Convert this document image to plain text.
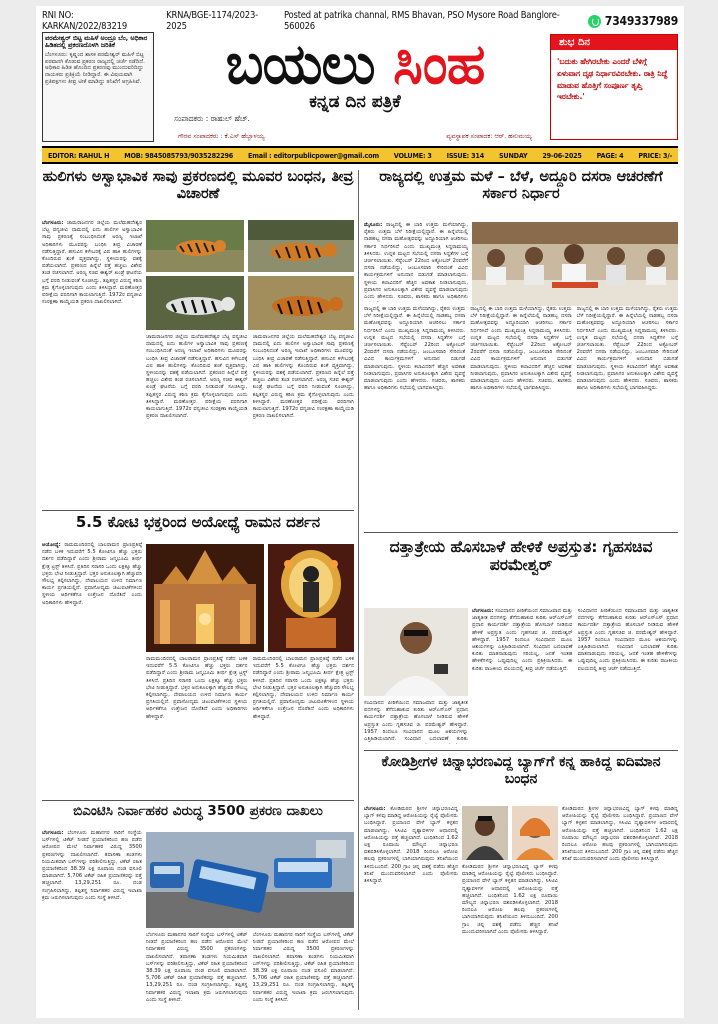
RNI NO: KARKAN/2022/83219
KRNA/BGE-1174/2023-2025
Posted at patrika channal, RMS Bhavan, PSO Mysore Road Banglore-560026	7349337989
ಪರಮೇಶ್ವರ್ ಬಿಟ್ಟ ಮಹಿಳೆ ಅಂದ್ರೂ ಬೆಂ, ಅಧಿಕಾರ ಹಿಡಿತದಲ್ಲಿ ಪ್ರಕರಣದೊಳಗಿ ಜರಿತಿಕೆ
ಬೆಂಗಳೂರು: ಕೃಷ್ಣಂದ ಶಾಸಕ ಪರಮೇಶ್ವರ್ ಮಹಿಳೆ ಬಿಟ್ಟ ಪರವಾನಗಿ ಕೊಡುವ ಪ್ರಕರಣ ರಾಜ್ಯದಲ್ಲಿ ಚರ್ಚೆ ನಡೆದಿದೆ. ಅಧಿಕಾರ ಹಿಡಿತ ಹೊಂದಿದ ಪ್ರಕರಣವು ಮುಂದುವರಿದಿದ್ದು ನಾಯಕರು ಪ್ರತಿಕ್ರಿಯೆ ನೀಡಿದ್ದಾರೆ. ಈ ವಿಷಯವಾಗಿ ಪ್ರತಿಪಕ್ಷಗಳು ತೀವ್ರ ಟೀಕೆ ಮಾಡಿದ್ದು ತನಿಖೆಗೆ ಆಗ್ರಹಿಸಿವೆ.	ಬಯಲು ಸಿಂಹ
ಕನ್ನಡ ದಿನ ಪತ್ರಿಕೆ
ಸಂಪಾದಕರು : ರಾಹುಲ್ ಹೆಚ್.
ಗೌರವ ಸಂಪಾದಕರು : ಕೆ.ಎಸ್ ಹೆಬ್ಬಾಳಯ್ಯ	ವ್ಯವಸ್ಥಾಪಕ ಸಂಪಾದಕ: ಆರ್. ಹನುಮಯ್ಯ
ಶುಭ ದಿನ
'ಬದುಕು ಹೇಗಿರಬೇಕು ಎಂದರೆ ಬೆಳಿಗ್ಗೆ ಏಳುವಾಗ ದೃಢ ನಿರ್ಧಾರವಿರಬೇಕು. ರಾತ್ರಿ ನಿದ್ದೆ ಮಾಡುವ ಹೊತ್ತಿಗೆ ಸಂಪೂರ್ಣ ತೃಪ್ತಿ ಇರಬೇಕು.'
EDITOR: RAHUL H MOB: 9845085793/9035282296 Email : editorpublicpower@gmail.com VOLUME: 3 ISSUE: 314 SUNDAY 29-06-2025 PAGE: 4 PRICE: 3/-
ಹುಲಿಗಳು ಅಸ್ವಾಭಾವಿಕ ಸಾವು ಪ್ರಕರಣದಲ್ಲಿ ಮೂವರ ಬಂಧನ, ತೀವ್ರ ವಿಚಾರಣೆ
ಬೆಂಗಳೂರು: ಚಾಮರಾಜನಗರ ಜಿಲ್ಲೆಯ ಮಲೆಮಹದೇಶ್ವರ ಬೆಟ್ಟ ವನ್ಯಜೀವಿ ಧಾಮದಲ್ಲಿ ಐದು ಹುಲಿಗಳ ಅಸ್ವಾಭಾವಿಕ ಸಾವು ಪ್ರಕರಣಕ್ಕೆ ಸಂಬಂಧಿಸಿದಂತೆ ಅರಣ್ಯ ಇಲಾಖೆ ಅಧಿಕಾರಿಗಳು ಮೂವರನ್ನು ಬಂಧಿಸಿ ತೀವ್ರ ವಿಚಾರಣೆ ನಡೆಸುತ್ತಿದ್ದಾರೆ. ಹಸುವಿನ ಕಳೇಬರಕ್ಕೆ ವಿಷ ಹಾಕಿ ಹುಲಿಗಳನ್ನು ಕೊಂದಿರುವ ಶಂಕೆ ವ್ಯಕ್ತವಾಗಿದ್ದು, ಸ್ಥಳೀಯರನ್ನು ವಶಕ್ಕೆ ಪಡೆಯಲಾಗಿದೆ. ಪ್ರಕರಣದ ಹಿನ್ನೆಲೆ ಪತ್ತೆ ಹಚ್ಚಲು ವಿಶೇಷ ತಂಡ ರಚಿಸಲಾಗಿದೆ. ಅರಣ್ಯ ಸಚಿವ ಈಶ್ವರ್ ಖಂಡ್ರೆ ಘಟನೆಯ ಬಗ್ಗೆ ವರದಿ ನೀಡುವಂತೆ ಸೂಚಿಸಿದ್ದು, ತಪ್ಪಿತಸ್ಥರ ವಿರುದ್ಧ ಕಠಿಣ ಕ್ರಮ ಕೈಗೊಳ್ಳಲಾಗುವುದು ಎಂದು ತಿಳಿಸಿದ್ದಾರೆ. ಮರಣೋತ್ತರ ಪರೀಕ್ಷೆಯ ವರದಿಗಾಗಿ ಕಾಯಲಾಗುತ್ತಿದೆ. 1972ರ ವನ್ಯಜೀವಿ ಸಂರಕ್ಷಣಾ ಕಾಯ್ದೆಯಡಿ ಪ್ರಕರಣ ದಾಖಲಿಸಲಾಗಿದೆ.
ಚಾಮರಾಜನಗರ ಜಿಲ್ಲೆಯ ಮಲೆಮಹದೇಶ್ವರ ಬೆಟ್ಟ ವನ್ಯಜೀವಿ ಧಾಮದಲ್ಲಿ ಐದು ಹುಲಿಗಳ ಅಸ್ವಾಭಾವಿಕ ಸಾವು ಪ್ರಕರಣಕ್ಕೆ ಸಂಬಂಧಿಸಿದಂತೆ ಅರಣ್ಯ ಇಲಾಖೆ ಅಧಿಕಾರಿಗಳು ಮೂವರನ್ನು ಬಂಧಿಸಿ ತೀವ್ರ ವಿಚಾರಣೆ ನಡೆಸುತ್ತಿದ್ದಾರೆ. ಹಸುವಿನ ಕಳೇಬರಕ್ಕೆ ವಿಷ ಹಾಕಿ ಹುಲಿಗಳನ್ನು ಕೊಂದಿರುವ ಶಂಕೆ ವ್ಯಕ್ತವಾಗಿದ್ದು, ಸ್ಥಳೀಯರನ್ನು ವಶಕ್ಕೆ ಪಡೆಯಲಾಗಿದೆ. ಪ್ರಕರಣದ ಹಿನ್ನೆಲೆ ಪತ್ತೆ ಹಚ್ಚಲು ವಿಶೇಷ ತಂಡ ರಚಿಸಲಾಗಿದೆ. ಅರಣ್ಯ ಸಚಿವ ಈಶ್ವರ್ ಖಂಡ್ರೆ ಘಟನೆಯ ಬಗ್ಗೆ ವರದಿ ನೀಡುವಂತೆ ಸೂಚಿಸಿದ್ದು, ತಪ್ಪಿತಸ್ಥರ ವಿರುದ್ಧ ಕಠಿಣ ಕ್ರಮ ಕೈಗೊಳ್ಳಲಾಗುವುದು ಎಂದು ತಿಳಿಸಿದ್ದಾರೆ. ಮರಣೋತ್ತರ ಪರೀಕ್ಷೆಯ ವರದಿಗಾಗಿ ಕಾಯಲಾಗುತ್ತಿದೆ. 1972ರ ವನ್ಯಜೀವಿ ಸಂರಕ್ಷಣಾ ಕಾಯ್ದೆಯಡಿ ಪ್ರಕರಣ ದಾಖಲಿಸಲಾಗಿದೆ.
ಚಾಮರಾಜನಗರ ಜಿಲ್ಲೆಯ ಮಲೆಮಹದೇಶ್ವರ ಬೆಟ್ಟ ವನ್ಯಜೀವಿ ಧಾಮದಲ್ಲಿ ಐದು ಹುಲಿಗಳ ಅಸ್ವಾಭಾವಿಕ ಸಾವು ಪ್ರಕರಣಕ್ಕೆ ಸಂಬಂಧಿಸಿದಂತೆ ಅರಣ್ಯ ಇಲಾಖೆ ಅಧಿಕಾರಿಗಳು ಮೂವರನ್ನು ಬಂಧಿಸಿ ತೀವ್ರ ವಿಚಾರಣೆ ನಡೆಸುತ್ತಿದ್ದಾರೆ. ಹಸುವಿನ ಕಳೇಬರಕ್ಕೆ ವಿಷ ಹಾಕಿ ಹುಲಿಗಳನ್ನು ಕೊಂದಿರುವ ಶಂಕೆ ವ್ಯಕ್ತವಾಗಿದ್ದು, ಸ್ಥಳೀಯರನ್ನು ವಶಕ್ಕೆ ಪಡೆಯಲಾಗಿದೆ. ಪ್ರಕರಣದ ಹಿನ್ನೆಲೆ ಪತ್ತೆ ಹಚ್ಚಲು ವಿಶೇಷ ತಂಡ ರಚಿಸಲಾಗಿದೆ. ಅರಣ್ಯ ಸಚಿವ ಈಶ್ವರ್ ಖಂಡ್ರೆ ಘಟನೆಯ ಬಗ್ಗೆ ವರದಿ ನೀಡುವಂತೆ ಸೂಚಿಸಿದ್ದು, ತಪ್ಪಿತಸ್ಥರ ವಿರುದ್ಧ ಕಠಿಣ ಕ್ರಮ ಕೈಗೊಳ್ಳಲಾಗುವುದು ಎಂದು ತಿಳಿಸಿದ್ದಾರೆ. ಮರಣೋತ್ತರ ಪರೀಕ್ಷೆಯ ವರದಿಗಾಗಿ ಕಾಯಲಾಗುತ್ತಿದೆ. 1972ರ ವನ್ಯಜೀವಿ ಸಂರಕ್ಷಣಾ ಕಾಯ್ದೆಯಡಿ ಪ್ರಕರಣ ದಾಖಲಿಸಲಾಗಿದೆ.
5.5 ಕೋಟಿ ಭಕ್ತರಿಂದ ಅಯೋಧ್ಯೆ ರಾಮನ ದರ್ಶನ
ಅಯೋಧ್ಯೆ: ರಾಮಮಂದಿರದಲ್ಲಿ ಬಾಲರಾಮನ ಪ್ರಾಣಪ್ರತಿಷ್ಠೆ ನಡೆದ ಬಳಿಕ ಇದುವರೆಗೆ 5.5 ಕೋಟಿಗೂ ಹೆಚ್ಚು ಭಕ್ತರು ದರ್ಶನ ಪಡೆದಿದ್ದಾರೆ ಎಂದು ಶ್ರೀರಾಮ ಜನ್ಮಭೂಮಿ ತೀರ್ಥ ಕ್ಷೇತ್ರ ಟ್ರಸ್ಟ್ ತಿಳಿಸಿದೆ. ಪ್ರತಿದಿನ ಸರಾಸರಿ ಒಂದು ಲಕ್ಷಕ್ಕೂ ಹೆಚ್ಚು ಭಕ್ತರು ಭೇಟಿ ನೀಡುತ್ತಿದ್ದಾರೆ. ಭಕ್ತರ ಅನುಕೂಲಕ್ಕಾಗಿ ಹೆಚ್ಚುವರಿ ಸೌಲಭ್ಯ ಕಲ್ಪಿಸಲಾಗಿದ್ದು, ದೇವಾಲಯದ ಉಳಿದ ನಿರ್ಮಾಣ ಕಾರ್ಯ ಪ್ರಗತಿಯಲ್ಲಿದೆ. ಪ್ರವಾಸೋದ್ಯಮ ಚಟುವಟಿಕೆಗಳಿಂದ ಸ್ಥಳೀಯ ಆರ್ಥಿಕತೆಗೂ ಉತ್ತೇಜನ ದೊರೆತಿದೆ ಎಂದು ಅಧಿಕಾರಿಗಳು ಹೇಳಿದ್ದಾರೆ.
ರಾಮಮಂದಿರದಲ್ಲಿ ಬಾಲರಾಮನ ಪ್ರಾಣಪ್ರತಿಷ್ಠೆ ನಡೆದ ಬಳಿಕ ಇದುವರೆಗೆ 5.5 ಕೋಟಿಗೂ ಹೆಚ್ಚು ಭಕ್ತರು ದರ್ಶನ ಪಡೆದಿದ್ದಾರೆ ಎಂದು ಶ್ರೀರಾಮ ಜನ್ಮಭೂಮಿ ತೀರ್ಥ ಕ್ಷೇತ್ರ ಟ್ರಸ್ಟ್ ತಿಳಿಸಿದೆ. ಪ್ರತಿದಿನ ಸರಾಸರಿ ಒಂದು ಲಕ್ಷಕ್ಕೂ ಹೆಚ್ಚು ಭಕ್ತರು ಭೇಟಿ ನೀಡುತ್ತಿದ್ದಾರೆ. ಭಕ್ತರ ಅನುಕೂಲಕ್ಕಾಗಿ ಹೆಚ್ಚುವರಿ ಸೌಲಭ್ಯ ಕಲ್ಪಿಸಲಾಗಿದ್ದು, ದೇವಾಲಯದ ಉಳಿದ ನಿರ್ಮಾಣ ಕಾರ್ಯ ಪ್ರಗತಿಯಲ್ಲಿದೆ. ಪ್ರವಾಸೋದ್ಯಮ ಚಟುವಟಿಕೆಗಳಿಂದ ಸ್ಥಳೀಯ ಆರ್ಥಿಕತೆಗೂ ಉತ್ತೇಜನ ದೊರೆತಿದೆ ಎಂದು ಅಧಿಕಾರಿಗಳು ಹೇಳಿದ್ದಾರೆ.
ರಾಮಮಂದಿರದಲ್ಲಿ ಬಾಲರಾಮನ ಪ್ರಾಣಪ್ರತಿಷ್ಠೆ ನಡೆದ ಬಳಿಕ ಇದುವರೆಗೆ 5.5 ಕೋಟಿಗೂ ಹೆಚ್ಚು ಭಕ್ತರು ದರ್ಶನ ಪಡೆದಿದ್ದಾರೆ ಎಂದು ಶ್ರೀರಾಮ ಜನ್ಮಭೂಮಿ ತೀರ್ಥ ಕ್ಷೇತ್ರ ಟ್ರಸ್ಟ್ ತಿಳಿಸಿದೆ. ಪ್ರತಿದಿನ ಸರಾಸರಿ ಒಂದು ಲಕ್ಷಕ್ಕೂ ಹೆಚ್ಚು ಭಕ್ತರು ಭೇಟಿ ನೀಡುತ್ತಿದ್ದಾರೆ. ಭಕ್ತರ ಅನುಕೂಲಕ್ಕಾಗಿ ಹೆಚ್ಚುವರಿ ಸೌಲಭ್ಯ ಕಲ್ಪಿಸಲಾಗಿದ್ದು, ದೇವಾಲಯದ ಉಳಿದ ನಿರ್ಮಾಣ ಕಾರ್ಯ ಪ್ರಗತಿಯಲ್ಲಿದೆ. ಪ್ರವಾಸೋದ್ಯಮ ಚಟುವಟಿಕೆಗಳಿಂದ ಸ್ಥಳೀಯ ಆರ್ಥಿಕತೆಗೂ ಉತ್ತೇಜನ ದೊರೆತಿದೆ ಎಂದು ಅಧಿಕಾರಿಗಳು ಹೇಳಿದ್ದಾರೆ.
ಬಿಎಂಟಿಸಿ ನಿರ್ವಾಹಕರ ವಿರುದ್ಧ 3500 ಪ್ರಕರಣ ದಾಖಲು
ಬೆಂಗಳೂರು: ಬೆಂಗಳೂರು ಮಹಾನಗರ ಸಾರಿಗೆ ಸಂಸ್ಥೆಯ ಬಸ್‌ಗಳಲ್ಲಿ ಟಿಕೆಟ್ ನೀಡದೆ ಪ್ರಯಾಣಿಕರಿಂದ ಹಣ ಪಡೆದ ಆರೋಪದ ಮೇಲೆ ನಿರ್ವಾಹಕರ ವಿರುದ್ಧ 3500 ಪ್ರಕರಣಗಳನ್ನು ದಾಖಲಿಸಲಾಗಿದೆ. ತಪಾಸಣಾ ತಂಡಗಳು ನಿಯಮಿತವಾಗಿ ಬಸ್‌ಗಳನ್ನು ಪರಿಶೀಲಿಸುತ್ತಿದ್ದು, ಟಿಕೆಟ್ ರಹಿತ ಪ್ರಯಾಣಿಕರಿಂದ 38.39 ಲಕ್ಷ ರೂಪಾಯಿ ದಂಡ ವಸೂಲಿ ಮಾಡಲಾಗಿದೆ. 5,706 ಟಿಕೆಟ್ ರಹಿತ ಪ್ರಯಾಣಿಕರನ್ನು ಪತ್ತೆ ಹಚ್ಚಲಾಗಿದೆ. 13,29,251 ರೂ. ದಂಡ ಸಂಗ್ರಹಿಸಲಾಗಿದ್ದು, ತಪ್ಪಿತಸ್ಥ ನಿರ್ವಾಹಕರ ವಿರುದ್ಧ ಇಲಾಖಾ ಕ್ರಮ ಜರುಗಿಸಲಾಗುವುದು ಎಂದು ಸಂಸ್ಥೆ ತಿಳಿಸಿದೆ.
ಬೆಂಗಳೂರು ಮಹಾನಗರ ಸಾರಿಗೆ ಸಂಸ್ಥೆಯ ಬಸ್‌ಗಳಲ್ಲಿ ಟಿಕೆಟ್ ನೀಡದೆ ಪ್ರಯಾಣಿಕರಿಂದ ಹಣ ಪಡೆದ ಆರೋಪದ ಮೇಲೆ ನಿರ್ವಾಹಕರ ವಿರುದ್ಧ 3500 ಪ್ರಕರಣಗಳನ್ನು ದಾಖಲಿಸಲಾಗಿದೆ. ತಪಾಸಣಾ ತಂಡಗಳು ನಿಯಮಿತವಾಗಿ ಬಸ್‌ಗಳನ್ನು ಪರಿಶೀಲಿಸುತ್ತಿದ್ದು, ಟಿಕೆಟ್ ರಹಿತ ಪ್ರಯಾಣಿಕರಿಂದ 38.39 ಲಕ್ಷ ರೂಪಾಯಿ ದಂಡ ವಸೂಲಿ ಮಾಡಲಾಗಿದೆ. 5,706 ಟಿಕೆಟ್ ರಹಿತ ಪ್ರಯಾಣಿಕರನ್ನು ಪತ್ತೆ ಹಚ್ಚಲಾಗಿದೆ. 13,29,251 ರೂ. ದಂಡ ಸಂಗ್ರಹಿಸಲಾಗಿದ್ದು, ತಪ್ಪಿತಸ್ಥ ನಿರ್ವಾಹಕರ ವಿರುದ್ಧ ಇಲಾಖಾ ಕ್ರಮ ಜರುಗಿಸಲಾಗುವುದು ಎಂದು ಸಂಸ್ಥೆ ತಿಳಿಸಿದೆ.
ಬೆಂಗಳೂರು ಮಹಾನಗರ ಸಾರಿಗೆ ಸಂಸ್ಥೆಯ ಬಸ್‌ಗಳಲ್ಲಿ ಟಿಕೆಟ್ ನೀಡದೆ ಪ್ರಯಾಣಿಕರಿಂದ ಹಣ ಪಡೆದ ಆರೋಪದ ಮೇಲೆ ನಿರ್ವಾಹಕರ ವಿರುದ್ಧ 3500 ಪ್ರಕರಣಗಳನ್ನು ದಾಖಲಿಸಲಾಗಿದೆ. ತಪಾಸಣಾ ತಂಡಗಳು ನಿಯಮಿತವಾಗಿ ಬಸ್‌ಗಳನ್ನು ಪರಿಶೀಲಿಸುತ್ತಿದ್ದು, ಟಿಕೆಟ್ ರಹಿತ ಪ್ರಯಾಣಿಕರಿಂದ 38.39 ಲಕ್ಷ ರೂಪಾಯಿ ದಂಡ ವಸೂಲಿ ಮಾಡಲಾಗಿದೆ. 5,706 ಟಿಕೆಟ್ ರಹಿತ ಪ್ರಯಾಣಿಕರನ್ನು ಪತ್ತೆ ಹಚ್ಚಲಾಗಿದೆ. 13,29,251 ರೂ. ದಂಡ ಸಂಗ್ರಹಿಸಲಾಗಿದ್ದು, ತಪ್ಪಿತಸ್ಥ ನಿರ್ವಾಹಕರ ವಿರುದ್ಧ ಇಲಾಖಾ ಕ್ರಮ ಜರುಗಿಸಲಾಗುವುದು ಎಂದು ಸಂಸ್ಥೆ ತಿಳಿಸಿದೆ.
ರಾಜ್ಯದಲ್ಲಿ ಉತ್ತಮ ಮಳೆ – ಬೆಳೆ, ಅದ್ದೂರಿ ದಸರಾ ಆಚರಣೆಗೆ ಸರ್ಕಾರ ನಿರ್ಧಾರ
ಮೈಸೂರು: ರಾಜ್ಯದಲ್ಲಿ ಈ ಬಾರಿ ಉತ್ತಮ ಮಳೆಯಾಗಿದ್ದು, ರೈತರು ಉತ್ತಮ ಬೆಳೆ ನಿರೀಕ್ಷೆಯಲ್ಲಿದ್ದಾರೆ. ಈ ಹಿನ್ನೆಲೆಯಲ್ಲಿ ನಾಡಹಬ್ಬ ದಸರಾ ಮಹೋತ್ಸವವನ್ನು ಅದ್ದೂರಿಯಾಗಿ ಆಚರಿಸಲು ಸರ್ಕಾರ ನಿರ್ಧರಿಸಿದೆ ಎಂದು ಮುಖ್ಯಮಂತ್ರಿ ಸಿದ್ದರಾಮಯ್ಯ ತಿಳಿಸಿದರು. ಉನ್ನತ ಮಟ್ಟದ ಸಭೆಯಲ್ಲಿ ದಸರಾ ಸಿದ್ಧತೆಗಳ ಬಗ್ಗೆ ಚರ್ಚಿಸಲಾಯಿತು. ಸೆಪ್ಟೆಂಬರ್ 22ರಿಂದ ಅಕ್ಟೋಬರ್ 2ರವರೆಗೆ ದಸರಾ ನಡೆಯಲಿದ್ದು, ಜಂಬೂಸವಾರಿ ಸೇರಿದಂತೆ ವಿವಿಧ ಕಾರ್ಯಕ್ರಮಗಳಿಗೆ ಅನುದಾನ ಬಿಡುಗಡೆ ಮಾಡಲಾಗುವುದು. ಸ್ಥಳೀಯ ಕಲಾವಿದರಿಗೆ ಹೆಚ್ಚಿನ ಅವಕಾಶ ನೀಡಲಾಗುವುದು, ಪ್ರವಾಸಿಗರ ಅನುಕೂಲಕ್ಕಾಗಿ ವಿಶೇಷ ವ್ಯವಸ್ಥೆ ಮಾಡಲಾಗುವುದು ಎಂದು ಹೇಳಿದರು. ಸಚಿವರು, ಶಾಸಕರು ಹಾಗೂ ಅಧಿಕಾರಿಗಳು
ರಾಜ್ಯದಲ್ಲಿ ಈ ಬಾರಿ ಉತ್ತಮ ಮಳೆಯಾಗಿದ್ದು, ರೈತರು ಉತ್ತಮ ಬೆಳೆ ನಿರೀಕ್ಷೆಯಲ್ಲಿದ್ದಾರೆ. ಈ ಹಿನ್ನೆಲೆಯಲ್ಲಿ ನಾಡಹಬ್ಬ ದಸರಾ ಮಹೋತ್ಸವವನ್ನು ಅದ್ದೂರಿಯಾಗಿ ಆಚರಿಸಲು ಸರ್ಕಾರ ನಿರ್ಧರಿಸಿದೆ ಎಂದು ಮುಖ್ಯಮಂತ್ರಿ ಸಿದ್ದರಾಮಯ್ಯ ತಿಳಿಸಿದರು. ಉನ್ನತ ಮಟ್ಟದ ಸಭೆಯಲ್ಲಿ ದಸರಾ ಸಿದ್ಧತೆಗಳ ಬಗ್ಗೆ ಚರ್ಚಿಸಲಾಯಿತು. ಸೆಪ್ಟೆಂಬರ್ 22ರಿಂದ ಅಕ್ಟೋಬರ್ 2ರವರೆಗೆ ದಸರಾ ನಡೆಯಲಿದ್ದು, ಜಂಬೂಸವಾರಿ ಸೇರಿದಂತೆ ವಿವಿಧ ಕಾರ್ಯಕ್ರಮಗಳಿಗೆ ಅನುದಾನ ಬಿಡುಗಡೆ ಮಾಡಲಾಗುವುದು. ಸ್ಥಳೀಯ ಕಲಾವಿದರಿಗೆ ಹೆಚ್ಚಿನ ಅವಕಾಶ ನೀಡಲಾಗುವುದು, ಪ್ರವಾಸಿಗರ ಅನುಕೂಲಕ್ಕಾಗಿ ವಿಶೇಷ ವ್ಯವಸ್ಥೆ ಮಾಡಲಾಗುವುದು ಎಂದು ಹೇಳಿದರು. ಸಚಿವರು, ಶಾಸಕರು ಹಾಗೂ ಅಧಿಕಾರಿಗಳು ಸಭೆಯಲ್ಲಿ ಭಾಗವಹಿಸಿದ್ದರು.
ರಾಜ್ಯದಲ್ಲಿ ಈ ಬಾರಿ ಉತ್ತಮ ಮಳೆಯಾಗಿದ್ದು, ರೈತರು ಉತ್ತಮ ಬೆಳೆ ನಿರೀಕ್ಷೆಯಲ್ಲಿದ್ದಾರೆ. ಈ ಹಿನ್ನೆಲೆಯಲ್ಲಿ ನಾಡಹಬ್ಬ ದಸರಾ ಮಹೋತ್ಸವವನ್ನು ಅದ್ದೂರಿಯಾಗಿ ಆಚರಿಸಲು ಸರ್ಕಾರ ನಿರ್ಧರಿಸಿದೆ ಎಂದು ಮುಖ್ಯಮಂತ್ರಿ ಸಿದ್ದರಾಮಯ್ಯ ತಿಳಿಸಿದರು. ಉನ್ನತ ಮಟ್ಟದ ಸಭೆಯಲ್ಲಿ ದಸರಾ ಸಿದ್ಧತೆಗಳ ಬಗ್ಗೆ ಚರ್ಚಿಸಲಾಯಿತು. ಸೆಪ್ಟೆಂಬರ್ 22ರಿಂದ ಅಕ್ಟೋಬರ್ 2ರವರೆಗೆ ದಸರಾ ನಡೆಯಲಿದ್ದು, ಜಂಬೂಸವಾರಿ ಸೇರಿದಂತೆ ವಿವಿಧ ಕಾರ್ಯಕ್ರಮಗಳಿಗೆ ಅನುದಾನ ಬಿಡುಗಡೆ ಮಾಡಲಾಗುವುದು. ಸ್ಥಳೀಯ ಕಲಾವಿದರಿಗೆ ಹೆಚ್ಚಿನ ಅವಕಾಶ ನೀಡಲಾಗುವುದು, ಪ್ರವಾಸಿಗರ ಅನುಕೂಲಕ್ಕಾಗಿ ವಿಶೇಷ ವ್ಯವಸ್ಥೆ ಮಾಡಲಾಗುವುದು ಎಂದು ಹೇಳಿದರು. ಸಚಿವರು, ಶಾಸಕರು ಹಾಗೂ ಅಧಿಕಾರಿಗಳು ಸಭೆಯಲ್ಲಿ ಭಾಗವಹಿಸಿದ್ದರು.
ರಾಜ್ಯದಲ್ಲಿ ಈ ಬಾರಿ ಉತ್ತಮ ಮಳೆಯಾಗಿದ್ದು, ರೈತರು ಉತ್ತಮ ಬೆಳೆ ನಿರೀಕ್ಷೆಯಲ್ಲಿದ್ದಾರೆ. ಈ ಹಿನ್ನೆಲೆಯಲ್ಲಿ ನಾಡಹಬ್ಬ ದಸರಾ ಮಹೋತ್ಸವವನ್ನು ಅದ್ದೂರಿಯಾಗಿ ಆಚರಿಸಲು ಸರ್ಕಾರ ನಿರ್ಧರಿಸಿದೆ ಎಂದು ಮುಖ್ಯಮಂತ್ರಿ ಸಿದ್ದರಾಮಯ್ಯ ತಿಳಿಸಿದರು. ಉನ್ನತ ಮಟ್ಟದ ಸಭೆಯಲ್ಲಿ ದಸರಾ ಸಿದ್ಧತೆಗಳ ಬಗ್ಗೆ ಚರ್ಚಿಸಲಾಯಿತು. ಸೆಪ್ಟೆಂಬರ್ 22ರಿಂದ ಅಕ್ಟೋಬರ್ 2ರವರೆಗೆ ದಸರಾ ನಡೆಯಲಿದ್ದು, ಜಂಬೂಸವಾರಿ ಸೇರಿದಂತೆ ವಿವಿಧ ಕಾರ್ಯಕ್ರಮಗಳಿಗೆ ಅನುದಾನ ಬಿಡುಗಡೆ ಮಾಡಲಾಗುವುದು. ಸ್ಥಳೀಯ ಕಲಾವಿದರಿಗೆ ಹೆಚ್ಚಿನ ಅವಕಾಶ ನೀಡಲಾಗುವುದು, ಪ್ರವಾಸಿಗರ ಅನುಕೂಲಕ್ಕಾಗಿ ವಿಶೇಷ ವ್ಯವಸ್ಥೆ ಮಾಡಲಾಗುವುದು ಎಂದು ಹೇಳಿದರು. ಸಚಿವರು, ಶಾಸಕರು ಹಾಗೂ ಅಧಿಕಾರಿಗಳು ಸಭೆಯಲ್ಲಿ ಭಾಗವಹಿಸಿದ್ದರು.
ದತ್ತಾತ್ರೇಯ ಹೊಸಬಾಳೆ ಹೇಳಿಕೆ ಅಪ್ರಸ್ತುತ: ಗೃಹಸಚಿವ ಪರಮೇಶ್ವರ್
ಸಂವಿಧಾನದ ಪೀಠಿಕೆಯಿಂದ ಸಮಾಜವಾದ ಮತ್ತು ಜಾತ್ಯತೀತ ಪದಗಳನ್ನು ತೆಗೆದುಹಾಕುವ ಕುರಿತು ಆರ್‌ಎಸ್‌ಎಸ್ ಪ್ರಧಾನ ಕಾರ್ಯದರ್ಶಿ ದತ್ತಾತ್ರೇಯ ಹೊಸಬಾಳೆ ನೀಡಿರುವ ಹೇಳಿಕೆ ಅಪ್ರಸ್ತುತ ಎಂದು ಗೃಹಸಚಿವ ಜಿ. ಪರಮೇಶ್ವರ್ ಹೇಳಿದ್ದಾರೆ. 1957 ರಿಂದಲೂ ಸಂವಿಧಾನದ ಮೂಲ ಆಶಯಗಳನ್ನು ಎತ್ತಿಹಿಡಿಯಲಾಗಿದೆ. ಸಂವಿಧಾನ ಬದಲಾವಣೆ ಕುರಿತು
ಬೆಂಗಳೂರು: ಸಂವಿಧಾನದ ಪೀಠಿಕೆಯಿಂದ ಸಮಾಜವಾದ ಮತ್ತು ಜಾತ್ಯತೀತ ಪದಗಳನ್ನು ತೆಗೆದುಹಾಕುವ ಕುರಿತು ಆರ್‌ಎಸ್‌ಎಸ್ ಪ್ರಧಾನ ಕಾರ್ಯದರ್ಶಿ ದತ್ತಾತ್ರೇಯ ಹೊಸಬಾಳೆ ನೀಡಿರುವ ಹೇಳಿಕೆ ಅಪ್ರಸ್ತುತ ಎಂದು ಗೃಹಸಚಿವ ಜಿ. ಪರಮೇಶ್ವರ್ ಹೇಳಿದ್ದಾರೆ. 1957 ರಿಂದಲೂ ಸಂವಿಧಾನದ ಮೂಲ ಆಶಯಗಳನ್ನು ಎತ್ತಿಹಿಡಿಯಲಾಗಿದೆ. ಸಂವಿಧಾನ ಬದಲಾವಣೆ ಕುರಿತು ಮಾತನಾಡುವುದು ಸರಿಯಲ್ಲ, ಜನತೆ ಇಂತಹ ಹೇಳಿಕೆಗಳನ್ನು ಒಪ್ಪುವುದಿಲ್ಲ ಎಂದು ಪ್ರತಿಕ್ರಿಯಿಸಿದರು. ಈ ಕುರಿತು ರಾಜಕೀಯ ವಲಯದಲ್ಲಿ ತೀವ್ರ ಚರ್ಚೆ ನಡೆಯುತ್ತಿದೆ.
ಸಂವಿಧಾನದ ಪೀಠಿಕೆಯಿಂದ ಸಮಾಜವಾದ ಮತ್ತು ಜಾತ್ಯತೀತ ಪದಗಳನ್ನು ತೆಗೆದುಹಾಕುವ ಕುರಿತು ಆರ್‌ಎಸ್‌ಎಸ್ ಪ್ರಧಾನ ಕಾರ್ಯದರ್ಶಿ ದತ್ತಾತ್ರೇಯ ಹೊಸಬಾಳೆ ನೀಡಿರುವ ಹೇಳಿಕೆ ಅಪ್ರಸ್ತುತ ಎಂದು ಗೃಹಸಚಿವ ಜಿ. ಪರಮೇಶ್ವರ್ ಹೇಳಿದ್ದಾರೆ. 1957 ರಿಂದಲೂ ಸಂವಿಧಾನದ ಮೂಲ ಆಶಯಗಳನ್ನು ಎತ್ತಿಹಿಡಿಯಲಾಗಿದೆ. ಸಂವಿಧಾನ ಬದಲಾವಣೆ ಕುರಿತು ಮಾತನಾಡುವುದು ಸರಿಯಲ್ಲ, ಜನತೆ ಇಂತಹ ಹೇಳಿಕೆಗಳನ್ನು ಒಪ್ಪುವುದಿಲ್ಲ ಎಂದು ಪ್ರತಿಕ್ರಿಯಿಸಿದರು. ಈ ಕುರಿತು ರಾಜಕೀಯ ವಲಯದಲ್ಲಿ ತೀವ್ರ ಚರ್ಚೆ ನಡೆಯುತ್ತಿದೆ.
ಕೋಡಿಶ್ರೀಗಳ ಚಿನ್ನಾಭರಣವಿದ್ದ ಬ್ಯಾಗ್‌ಗೆ ಕನ್ನ ಹಾಕಿದ್ದ ಐದಿಮಾನ ಬಂಧನ
ಬೆಂಗಳೂರು: ಕೋಡಿಮಠದ ಶ್ರೀಗಳ ಚಿನ್ನಾಭರಣವಿದ್ದ ಬ್ಯಾಗ್ ಕಳವು ಮಾಡಿದ್ದ ಆರೋಪಿಯನ್ನು ರೈಲ್ವೆ ಪೊಲೀಸರು ಬಂಧಿಸಿದ್ದಾರೆ. ಪ್ರಯಾಣದ ವೇಳೆ ಬ್ಯಾಗ್ ಕಳ್ಳತನ ಮಾಡಲಾಗಿದ್ದು, ಸಿಸಿಟಿವಿ ದೃಶ್ಯಾವಳಿಗಳ ಆಧಾರದಲ್ಲಿ ಆರೋಪಿಯನ್ನು ಪತ್ತೆ ಹಚ್ಚಲಾಗಿದೆ. ಬಂಧಿತನಿಂದ 1.62 ಲಕ್ಷ ರೂಪಾಯಿ ಮೌಲ್ಯದ ಚಿನ್ನಾಭರಣ ವಶಪಡಿಸಿಕೊಳ್ಳಲಾಗಿದೆ. 2018 ರಿಂದಲೂ ಆರೋಪಿ ಹಲವು ಪ್ರಕರಣಗಳಲ್ಲಿ ಭಾಗಿಯಾಗಿರುವುದು ತನಿಖೆಯಿಂದ ತಿಳಿದುಬಂದಿದೆ. 200 ಗ್ರಾಂ ಚಿನ್ನ ವಶಕ್ಕೆ ಪಡೆದು ಹೆಚ್ಚಿನ ತನಿಖೆ ಮುಂದುವರಿಸಲಾಗಿದೆ ಎಂದು ಪೊಲೀಸರು ತಿಳಿಸಿದ್ದಾರೆ.
ಕೋಡಿಮಠದ ಶ್ರೀಗಳ ಚಿನ್ನಾಭರಣವಿದ್ದ ಬ್ಯಾಗ್ ಕಳವು ಮಾಡಿದ್ದ ಆರೋಪಿಯನ್ನು ರೈಲ್ವೆ ಪೊಲೀಸರು ಬಂಧಿಸಿದ್ದಾರೆ. ಪ್ರಯಾಣದ ವೇಳೆ ಬ್ಯಾಗ್ ಕಳ್ಳತನ ಮಾಡಲಾಗಿದ್ದು, ಸಿಸಿಟಿವಿ ದೃಶ್ಯಾವಳಿಗಳ ಆಧಾರದಲ್ಲಿ ಆರೋಪಿಯನ್ನು ಪತ್ತೆ ಹಚ್ಚಲಾಗಿದೆ. ಬಂಧಿತನಿಂದ 1.62 ಲಕ್ಷ ರೂಪಾಯಿ ಮೌಲ್ಯದ ಚಿನ್ನಾಭರಣ ವಶಪಡಿಸಿಕೊಳ್ಳಲಾಗಿದೆ. 2018 ರಿಂದಲೂ ಆರೋಪಿ ಹಲವು ಪ್ರಕರಣಗಳಲ್ಲಿ ಭಾಗಿಯಾಗಿರುವುದು ತನಿಖೆಯಿಂದ ತಿಳಿದುಬಂದಿದೆ. 200 ಗ್ರಾಂ ಚಿನ್ನ ವಶಕ್ಕೆ ಪಡೆದು ಹೆಚ್ಚಿನ ತನಿಖೆ ಮುಂದುವರಿಸಲಾಗಿದೆ ಎಂದು ಪೊಲೀಸರು ತಿಳಿಸಿದ್ದಾರೆ.
ಕೋಡಿಮಠದ ಶ್ರೀಗಳ ಚಿನ್ನಾಭರಣವಿದ್ದ ಬ್ಯಾಗ್ ಕಳವು ಮಾಡಿದ್ದ ಆರೋಪಿಯನ್ನು ರೈಲ್ವೆ ಪೊಲೀಸರು ಬಂಧಿಸಿದ್ದಾರೆ. ಪ್ರಯಾಣದ ವೇಳೆ ಬ್ಯಾಗ್ ಕಳ್ಳತನ ಮಾಡಲಾಗಿದ್ದು, ಸಿಸಿಟಿವಿ ದೃಶ್ಯಾವಳಿಗಳ ಆಧಾರದಲ್ಲಿ ಆರೋಪಿಯನ್ನು ಪತ್ತೆ ಹಚ್ಚಲಾಗಿದೆ. ಬಂಧಿತನಿಂದ 1.62 ಲಕ್ಷ ರೂಪಾಯಿ ಮೌಲ್ಯದ ಚಿನ್ನಾಭರಣ ವಶಪಡಿಸಿಕೊಳ್ಳಲಾಗಿದೆ. 2018 ರಿಂದಲೂ ಆರೋಪಿ ಹಲವು ಪ್ರಕರಣಗಳಲ್ಲಿ ಭಾಗಿಯಾಗಿರುವುದು ತನಿಖೆಯಿಂದ ತಿಳಿದುಬಂದಿದೆ. 200 ಗ್ರಾಂ ಚಿನ್ನ ವಶಕ್ಕೆ ಪಡೆದು ಹೆಚ್ಚಿನ ತನಿಖೆ ಮುಂದುವರಿಸಲಾಗಿದೆ ಎಂದು ಪೊಲೀಸರು ತಿಳಿಸಿದ್ದಾರೆ.
